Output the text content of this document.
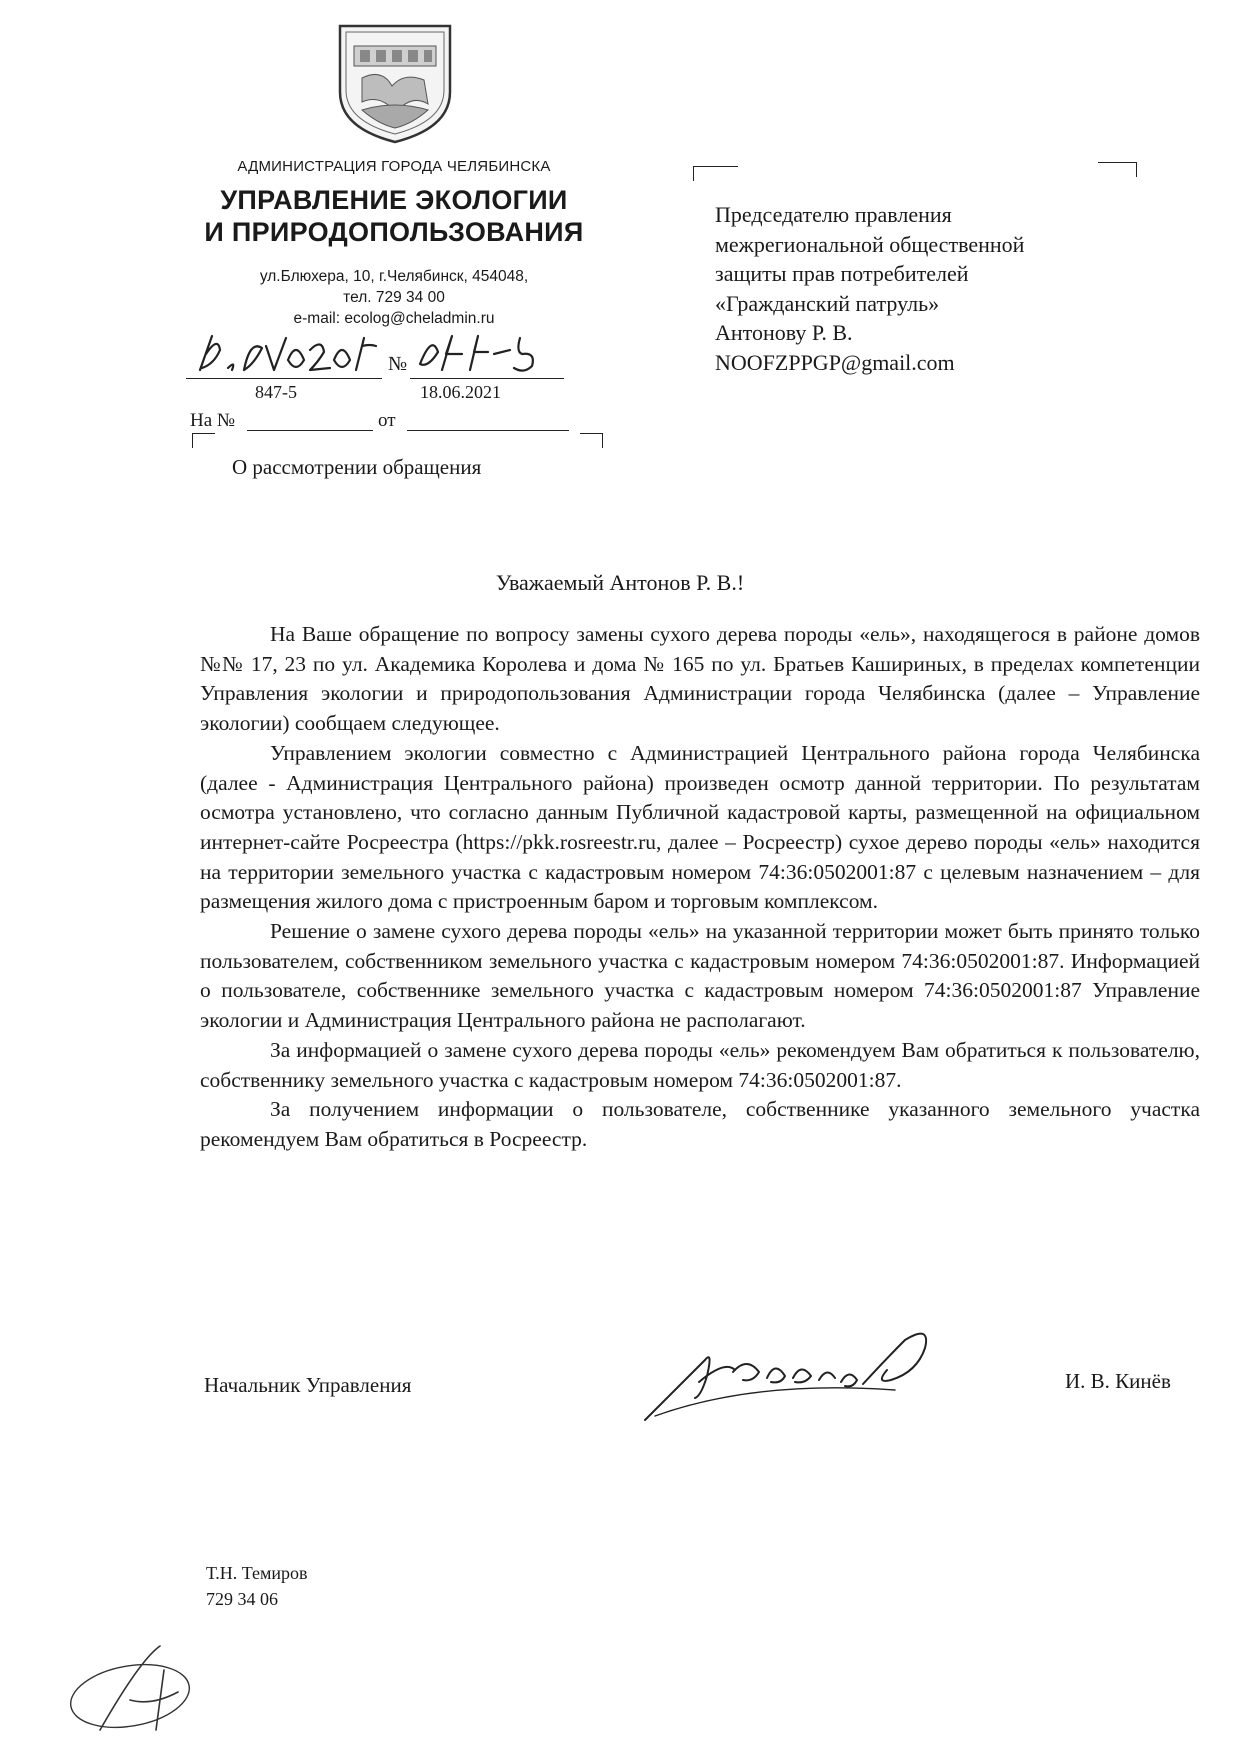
АДМИНИСТРАЦИЯ ГОРОДА ЧЕЛЯБИНСКА
УПРАВЛЕНИЕ ЭКОЛОГИИ
И ПРИРОДОПОЛЬЗОВАНИЯ
ул.Блюхера, 10, г.Челябинск, 454048,
тел. 729 34 00
e-mail: ecolog@cheladmin.ru
№
847-5	18.06.2021
На №	от
О рассмотрении обращения
Председателю правления
межрегиональной общественной
защиты прав потребителей
«Гражданский патруль»
Антонову Р. В.
NOOFZPPGP@gmail.com
Уважаемый Антонов Р. В.!

На Ваше обращение по вопросу замены сухого дерева породы «ель», находящегося в районе домов №№ 17, 23 по ул. Академика Королева и дома № 165 по ул. Братьев Кашириных, в пределах компетенции Управления экологии и природопользования Администрации города Челябинска (далее – Управление экологии) сообщаем следующее.

Управлением экологии совместно с Администрацией Центрального района города Челябинска (далее - Администрация Центрального района) произведен осмотр данной территории. По результатам осмотра установлено, что согласно данным Публичной кадастровой карты, размещенной на официальном интернет-сайте Росреестра (https://pkk.rosreestr.ru, далее – Росреестр) сухое дерево породы «ель» находится на территории земельного участка с кадастровым номером 74:36:0502001:87 с целевым назначением – для размещения жилого дома с пристроенным баром и торговым комплексом.

Решение о замене сухого дерева породы «ель» на указанной территории может быть принято только пользователем, собственником земельного участка с кадастровым номером 74:36:0502001:87. Информацией о пользователе, собственнике земельного участка с кадастровым номером 74:36:0502001:87 Управление экологии и Администрация Центрального района не располагают.

За информацией о замене сухого дерева породы «ель» рекомендуем Вам обратиться к пользователю, собственнику земельного участка с кадастровым номером 74:36:0502001:87.

За получением информации о пользователе, собственнике указанного земельного участка рекомендуем Вам обратиться в Росреестр.

Начальник Управления	И. В. Кинёв
Т.Н. Темиров
729 34 06
